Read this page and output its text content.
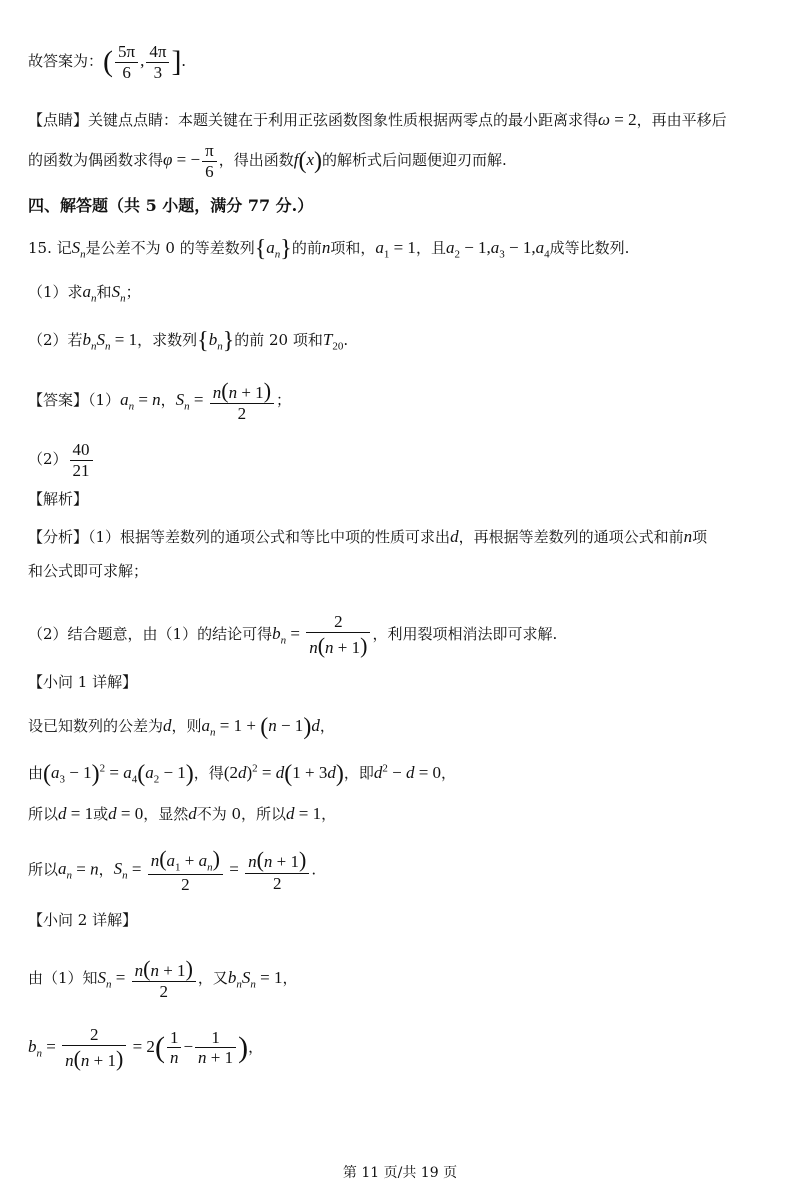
故答案为：( $\frac{5\pi}{6}$ , $\frac{4\pi}{3}$ ].
【点睛】关键点点睛：本题关键在于利用正弦函数图象性质根据两零点的最小距离求得ω = 2，再由平移后
的函数为偶函数求得φ = − $\frac{\pi}{6}$ ，得出函数f(x)的解析式后问题便迎刃而解.
四、解答题（共 5 小题，满分 77 分.）
15. 记$S_n$是公差不为 0 的等差数列$\{a_n\}$的前n项和，$a_1 = 1$，且$a_2 - 1,a_3 - 1,a_4$成等比数列.
（1）求$a_n$和$S_n$；
（2）若$b_nS_n = 1$，求数列$\{b_n\}$的前 20 项和$T_{20}$.
【答案】$(1)a_n = n$，$S_n = \frac{n(n + 1)}{2}$ ；
$(2) \frac{40}{21}$
【解析】
【分析】（1）根据等差数列的通项公式和等比中项的性质可求出d，再根据等差数列的通项公式和前n项
和公式即可求解；
（2）结合题意，由（1）的结论可得$b_n = \frac{2}{n(n + 1)}$ ，利用裂项相消法即可求解.
【小问 1 详解】
设已知数列的公差为d，则$a_n = 1 + (n - 1)d$，
由$(a_3 - 1)^2 = a_4(a_2 - 1)$，得$(2d)^2 = d(1 + 3d)$，即$d^2 - d = 0$，
所以d = 1或d = 0，显然d不为 0，所以d = 1，
所以$a_n = n$，$S_n = \frac{n(a_1 + a_n)}{2} = \frac{n(n + 1)}{2}$ .
【小问 2 详解】
由（1）知$S_n = \frac{n(n + 1)}{2}$ ，又$b_nS_n = 1$，
$b_n = \frac{2}{n(n + 1)} = 2( \frac{1}{n} - \frac{1}{n + 1}$ )，
第 11 页/共 19 页
